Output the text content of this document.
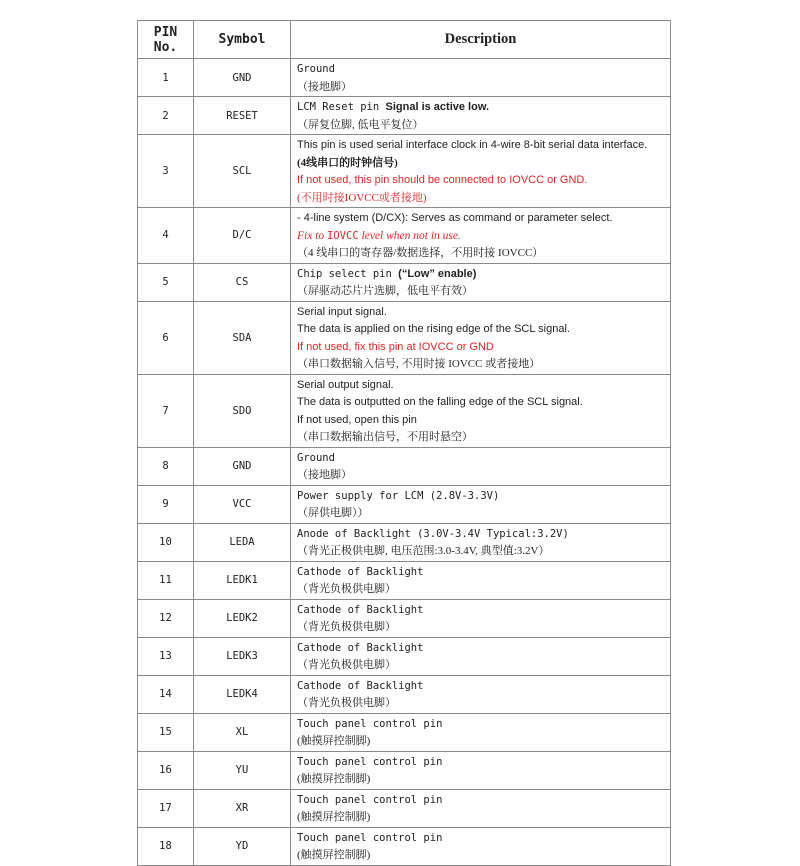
PIN No.	Symbol	Description
1	GND	Ground
（接地脚）

2	RESET	LCM Reset pin Signal is active low.
（屏复位脚, 低电平复位）

3	SCL	This pin is used serial interface clock in 4-wire 8-bit serial data interface.
(4线串口的时钟信号)
If not used, this pin should be connected to IOVCC or GND.
(不用时接IOVCC或者接地)

4	D/C	- 4-line system (D/CX): Serves as command or parameter select.
Fix to IOVCC level when not in use.
（4 线串口的寄存器/数据选择，不用时接 IOVCC）

5	CS	Chip select pin (“Low” enable)
（屏驱动芯片片选脚，低电平有效）

6	SDA	Serial input signal.
The data is applied on the rising edge of the SCL signal.
If not used, fix this pin at IOVCC or GND
（串口数据输入信号, 不用时接 IOVCC 或者接地）

7	SDO	Serial output signal.
The data is outputted on the falling edge of the SCL signal.
If not used, open this pin
（串口数据输出信号，不用时悬空）

8	GND	Ground
（接地脚）

9	VCC	Power supply for LCM (2.8V-3.3V)
（屏供电脚））

10	LEDA	Anode of Backlight (3.0V-3.4V Typical:3.2V)
（背光正极供电脚, 电压范围:3.0-3.4V, 典型值:3.2V）

11	LEDK1	Cathode of Backlight
（背光负极供电脚）

12	LEDK2	Cathode of Backlight
（背光负极供电脚）

13	LEDK3	Cathode of Backlight
（背光负极供电脚）

14	LEDK4	Cathode of Backlight
（背光负极供电脚）

15	XL	Touch panel control pin
(触摸屏控制脚)

16	YU	Touch panel control pin
(触摸屏控制脚)

17	XR	Touch panel control pin
(触摸屏控制脚)

18	YD	Touch panel control pin
(触摸屏控制脚)
